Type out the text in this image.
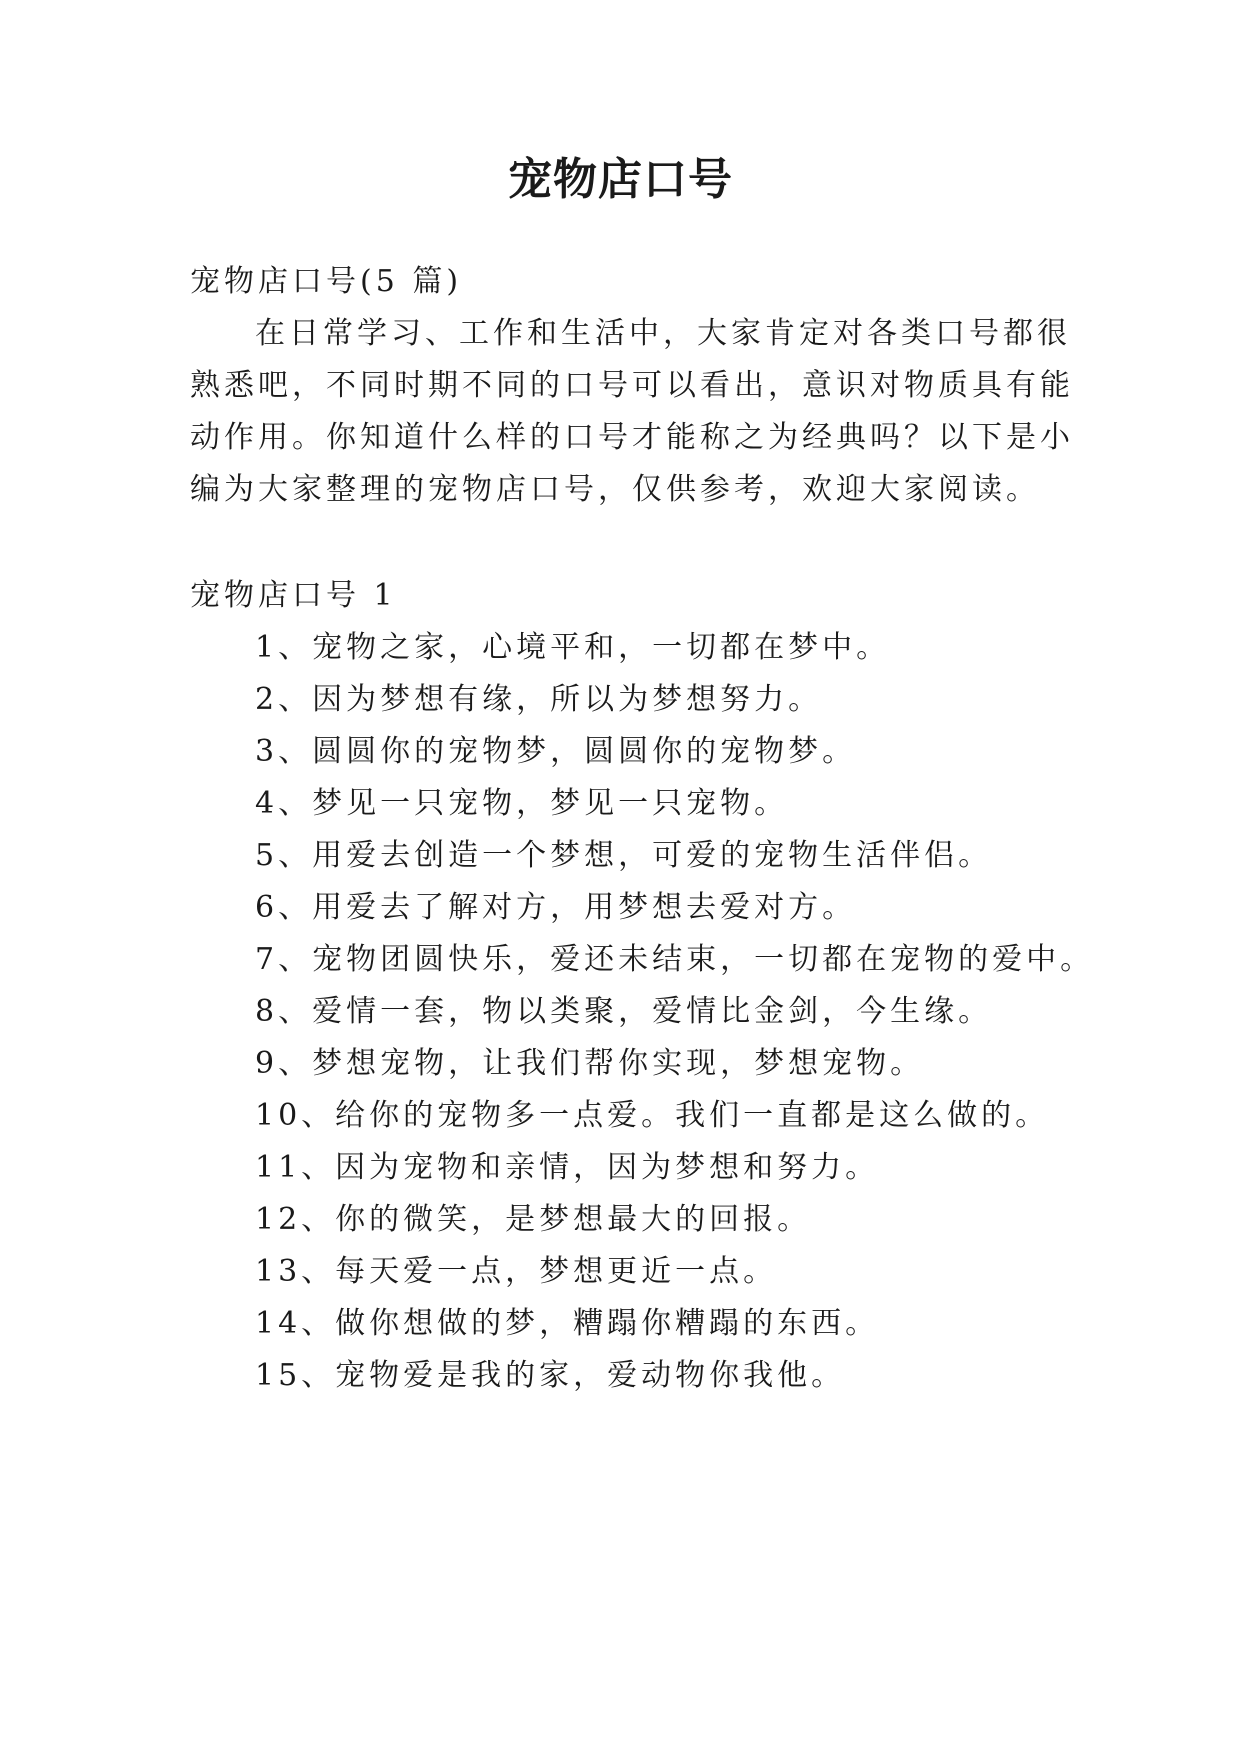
宠物店口号

宠物店口号(5 篇)

在日常学习、工作和生活中，大家肯定对各类口号都很

熟悉吧，不同时期不同的口号可以看出，意识对物质具有能

动作用。你知道什么样的口号才能称之为经典吗？以下是小

编为大家整理的宠物店口号，仅供参考，欢迎大家阅读。

宠物店口号 1

1、宠物之家，心境平和，一切都在梦中。

2、因为梦想有缘，所以为梦想努力。

3、圆圆你的宠物梦，圆圆你的宠物梦。

4、梦见一只宠物，梦见一只宠物。

5、用爱去创造一个梦想，可爱的宠物生活伴侣。

6、用爱去了解对方，用梦想去爱对方。

7、宠物团圆快乐，爱还未结束，一切都在宠物的爱中。

8、爱情一套，物以类聚，爱情比金剑，今生缘。

9、梦想宠物，让我们帮你实现，梦想宠物。

10、给你的宠物多一点爱。我们一直都是这么做的。

11、因为宠物和亲情，因为梦想和努力。

12、你的微笑，是梦想最大的回报。

13、每天爱一点，梦想更近一点。

14、做你想做的梦，糟蹋你糟蹋的东西。

15、宠物爱是我的家，爱动物你我他。
